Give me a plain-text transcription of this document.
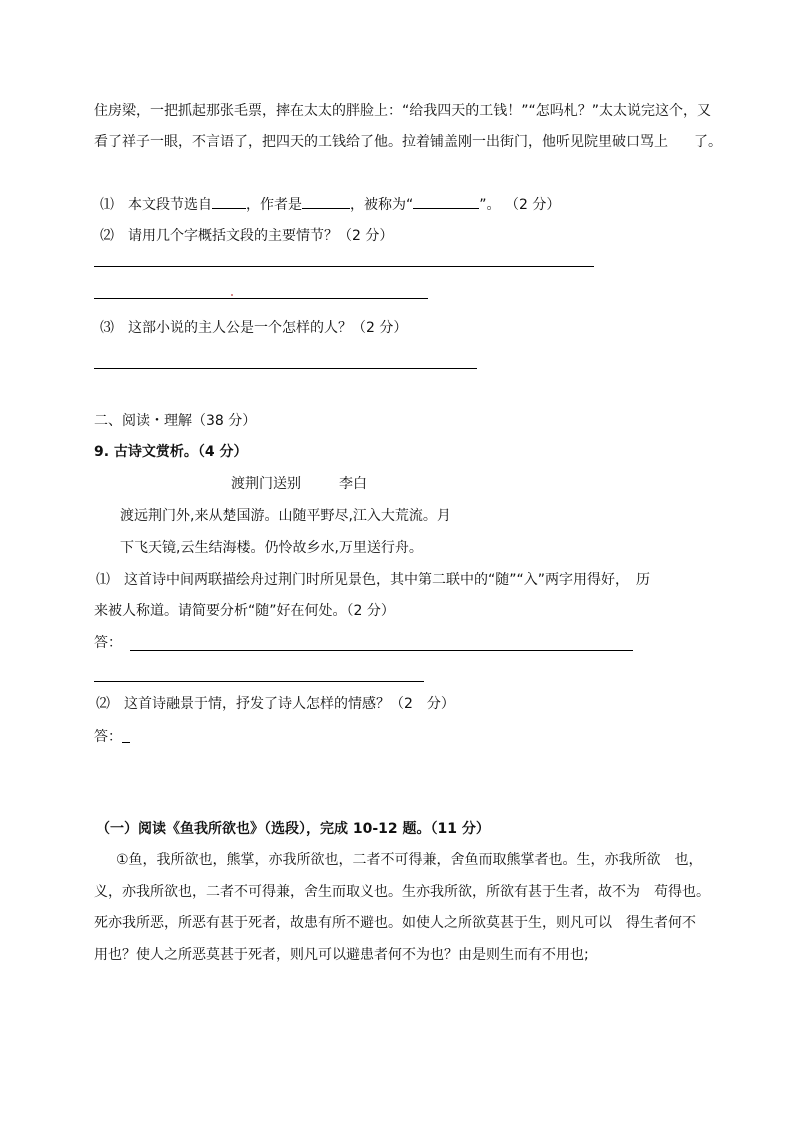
住房梁，一把抓起那张毛票，摔在太太的胖脸上：“给我四天的工钱！”“怎吗札？”太太说完这个，又
看了祥子一眼，不言语了，把四天的工钱给了他。拉着铺盖刚一出街门，他听见院里破口骂上 了。
⑴　本文段节选自 ，作者是	，被称为“	”。 （2 分）
⑵　请用几个字概括文段的主要情节？（2 分）
⑶　这部小说的主人公是一个怎样的人？（2 分）
二、阅读・理解（38 分）
9. 古诗文赏析。（4 分）
渡荆门送别	李白
渡远荆门外,来从楚国游。山随平野尽,江入大荒流。月
下飞天镜,云生结海楼。仍怜故乡水,万里送行舟。
⑴　这首诗中间两联描绘舟过荆门时所见景色，其中第二联中的“随”“入”两字用得好，　历
来被人称道。请简要分析“随”好在何处。（2 分）
答：
⑵　这首诗融景于情，抒发了诗人怎样的情感？（2　分）
答：
（一）阅读《鱼我所欲也》（选段），完成 10-12 题。（11 分）
①鱼，我所欲也，熊掌，亦我所欲也，二者不可得兼，舍鱼而取熊掌者也。生，亦我所欲　也，
义，亦我所欲也，二者不可得兼，舍生而取义也。生亦我所欲，所欲有甚于生者，故不为　苟得也。
死亦我所恶，所恶有甚于死者，故患有所不避也。如使人之所欲莫甚于生，则凡可以　得生者何不
用也？使人之所恶莫甚于死者，则凡可以避患者何不为也？由是则生而有不用也;
